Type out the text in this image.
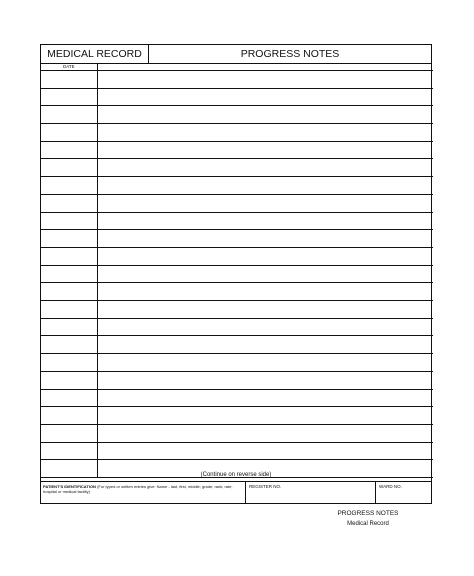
MEDICAL RECORD	PROGRESS NOTES
DATE
(Continue on reverse side)
PATIENT'S IDENTIFICATION (For typed or written entries give: Name - last, first, middle; grade; rank; rate; hospital or medical facility)
REGISTER NO.	WARD NO.
PROGRESS NOTES
Medical Record
